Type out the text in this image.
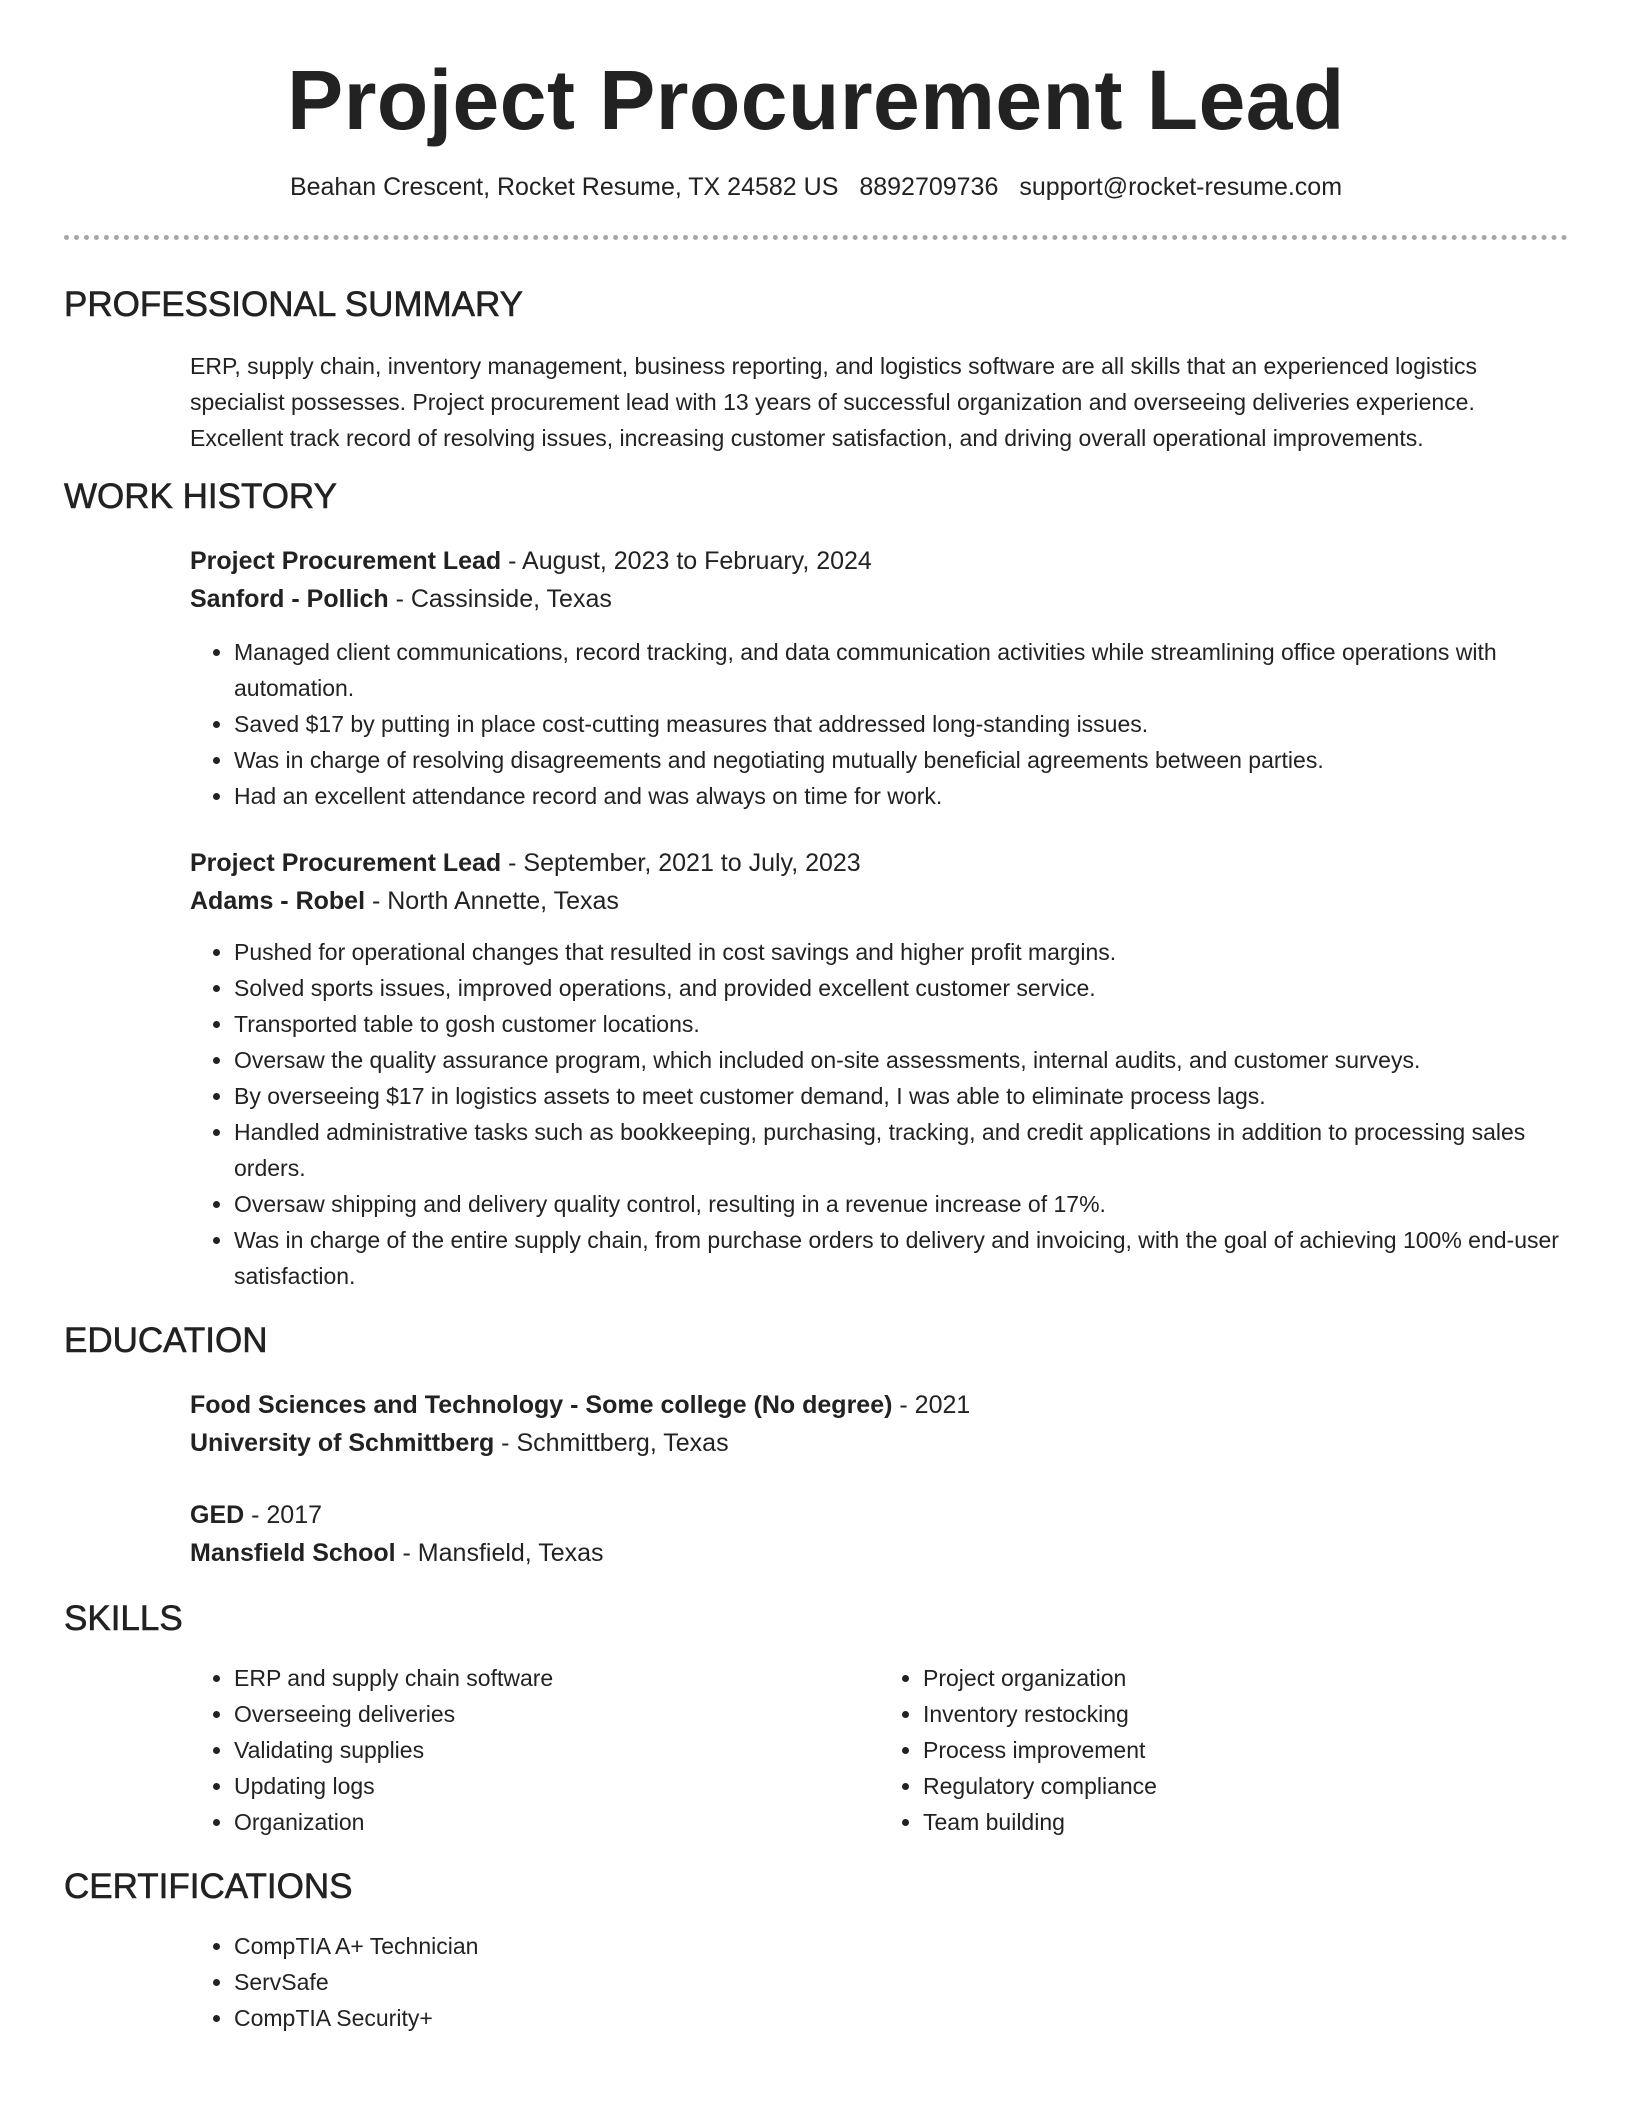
Project Procurement Lead
Beahan Crescent, Rocket Resume, TX 24582 US 8892709736 support@rocket-resume.com
PROFESSIONAL SUMMARY
ERP, supply chain, inventory management, business reporting, and logistics software are all skills that an experienced logistics specialist possesses. Project procurement lead with 13 years of successful organization and overseeing deliveries experience. Excellent track record of resolving issues, increasing customer satisfaction, and driving overall operational improvements.
WORK HISTORY
Project Procurement Lead - August, 2023 to February, 2024
Sanford - Pollich - Cassinside, Texas
• Managed client communications, record tracking, and data communication activities while streamlining office operations with automation.
• Saved $17 by putting in place cost-cutting measures that addressed long-standing issues.
• Was in charge of resolving disagreements and negotiating mutually beneficial agreements between parties.
• Had an excellent attendance record and was always on time for work.
Project Procurement Lead - September, 2021 to July, 2023
Adams - Robel - North Annette, Texas
• Pushed for operational changes that resulted in cost savings and higher profit margins.
• Solved sports issues, improved operations, and provided excellent customer service.
• Transported table to gosh customer locations.
• Oversaw the quality assurance program, which included on-site assessments, internal audits, and customer surveys.
• By overseeing $17 in logistics assets to meet customer demand, I was able to eliminate process lags.
• Handled administrative tasks such as bookkeeping, purchasing, tracking, and credit applications in addition to processing sales orders.
• Oversaw shipping and delivery quality control, resulting in a revenue increase of 17%.
• Was in charge of the entire supply chain, from purchase orders to delivery and invoicing, with the goal of achieving 100% end-user satisfaction.
EDUCATION
Food Sciences and Technology - Some college (No degree) - 2021
University of Schmittberg - Schmittberg, Texas
GED - 2017
Mansfield School - Mansfield, Texas
SKILLS
• ERP and supply chain software
• Overseeing deliveries
• Validating supplies
• Updating logs
• Organization
• Project organization
• Inventory restocking
• Process improvement
• Regulatory compliance
• Team building
CERTIFICATIONS
• CompTIA A+ Technician
• ServSafe
• CompTIA Security+
